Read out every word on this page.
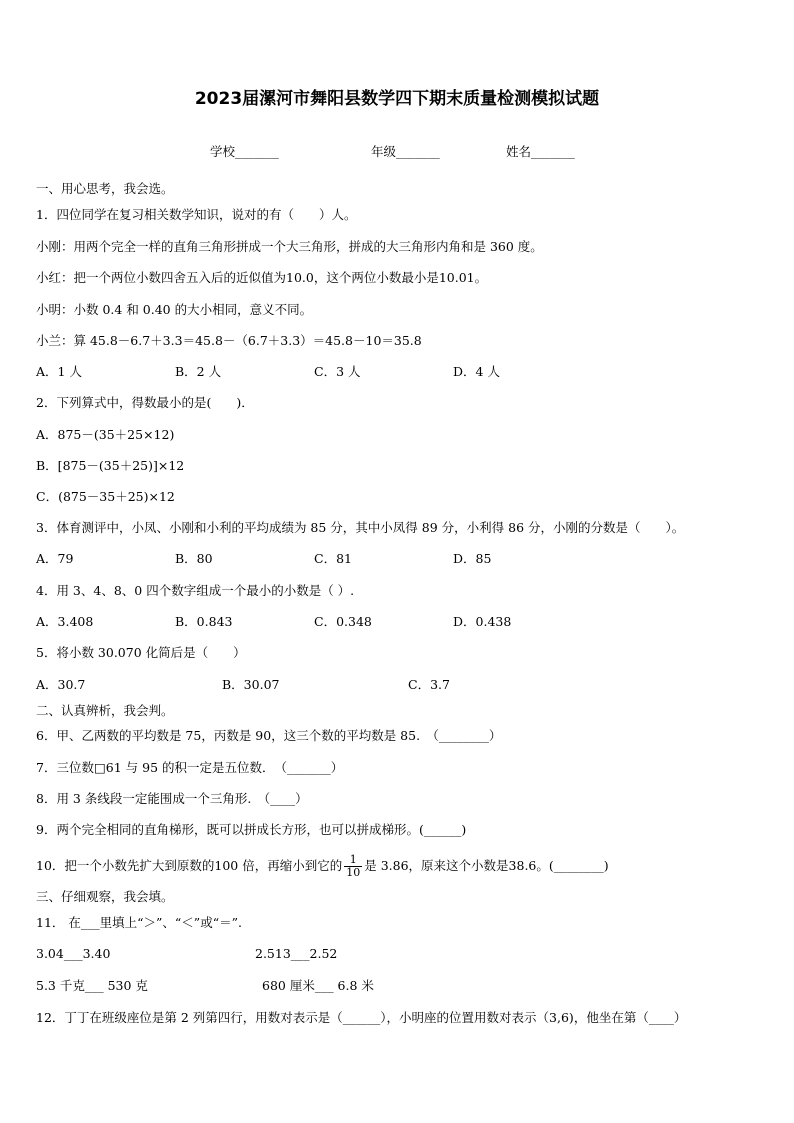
2023届漯河市舞阳县数学四下期末质量检测模拟试题
学校_______	年级_______	姓名_______
一、用心思考，我会选。
1．四位同学在复习相关数学知识，说对的有（　　）人。
小刚：用两个完全一样的直角三角形拼成一个大三角形，拼成的大三角形内角和是 360 度。
小红：把一个两位小数四舍五入后的近似值为10.0，这个两位小数最小是10.01。
小明：小数 0.4 和 0.40 的大小相同，意义不同。
小兰：算 45.8－6.7＋3.3＝45.8－（6.7＋3.3）＝45.8－10＝35.8
A．1 人	B．2 人	C．3 人	D．4 人
2．下列算式中，得数最小的是(　　)．
A．875－(35＋25×12)
B．[875－(35＋25)]×12
C．(875－35＋25)×12
3．体育测评中，小凤、小刚和小利的平均成绩为 85 分，其中小凤得 89 分，小利得 86 分，小刚的分数是（　　）。
A．79	B．80	C．81	D．85
4．用 3、4、8、0 四个数字组成一个最小的小数是（ ）.
A．3.408	B．0.843	C．0.348	D．0.438
5．将小数 30.070 化简后是（　　）
A．30.7	B．30.07	C．3.7
二、认真辨析，我会判。
6．甲、乙两数的平均数是 75，丙数是 90，这三个数的平均数是 85.　（________）
7．三位数□61 与 95 的积一定是五位数．　（_______）
8．用 3 条线段一定能围成一个三角形.　（____）
9．两个完全相同的直角梯形，既可以拼成长方形，也可以拼成梯形。(______)
10．把一个小数先扩大到原数的100 倍，再缩小到它的 $\frac{1}{10}$ 是 3.86，原来这个小数是38.6。(________)
三、仔细观察，我会填。
11． 在___里填上“＞”、“＜”或“＝”.
3.04___3.40	2.513___2.52
5.3 千克___ 530 克	680 厘米___ 6.8 米
12．丁丁在班级座位是第 2 列第四行，用数对表示是（______），小明座的位置用数对表示（3,6)，他坐在第（____）
